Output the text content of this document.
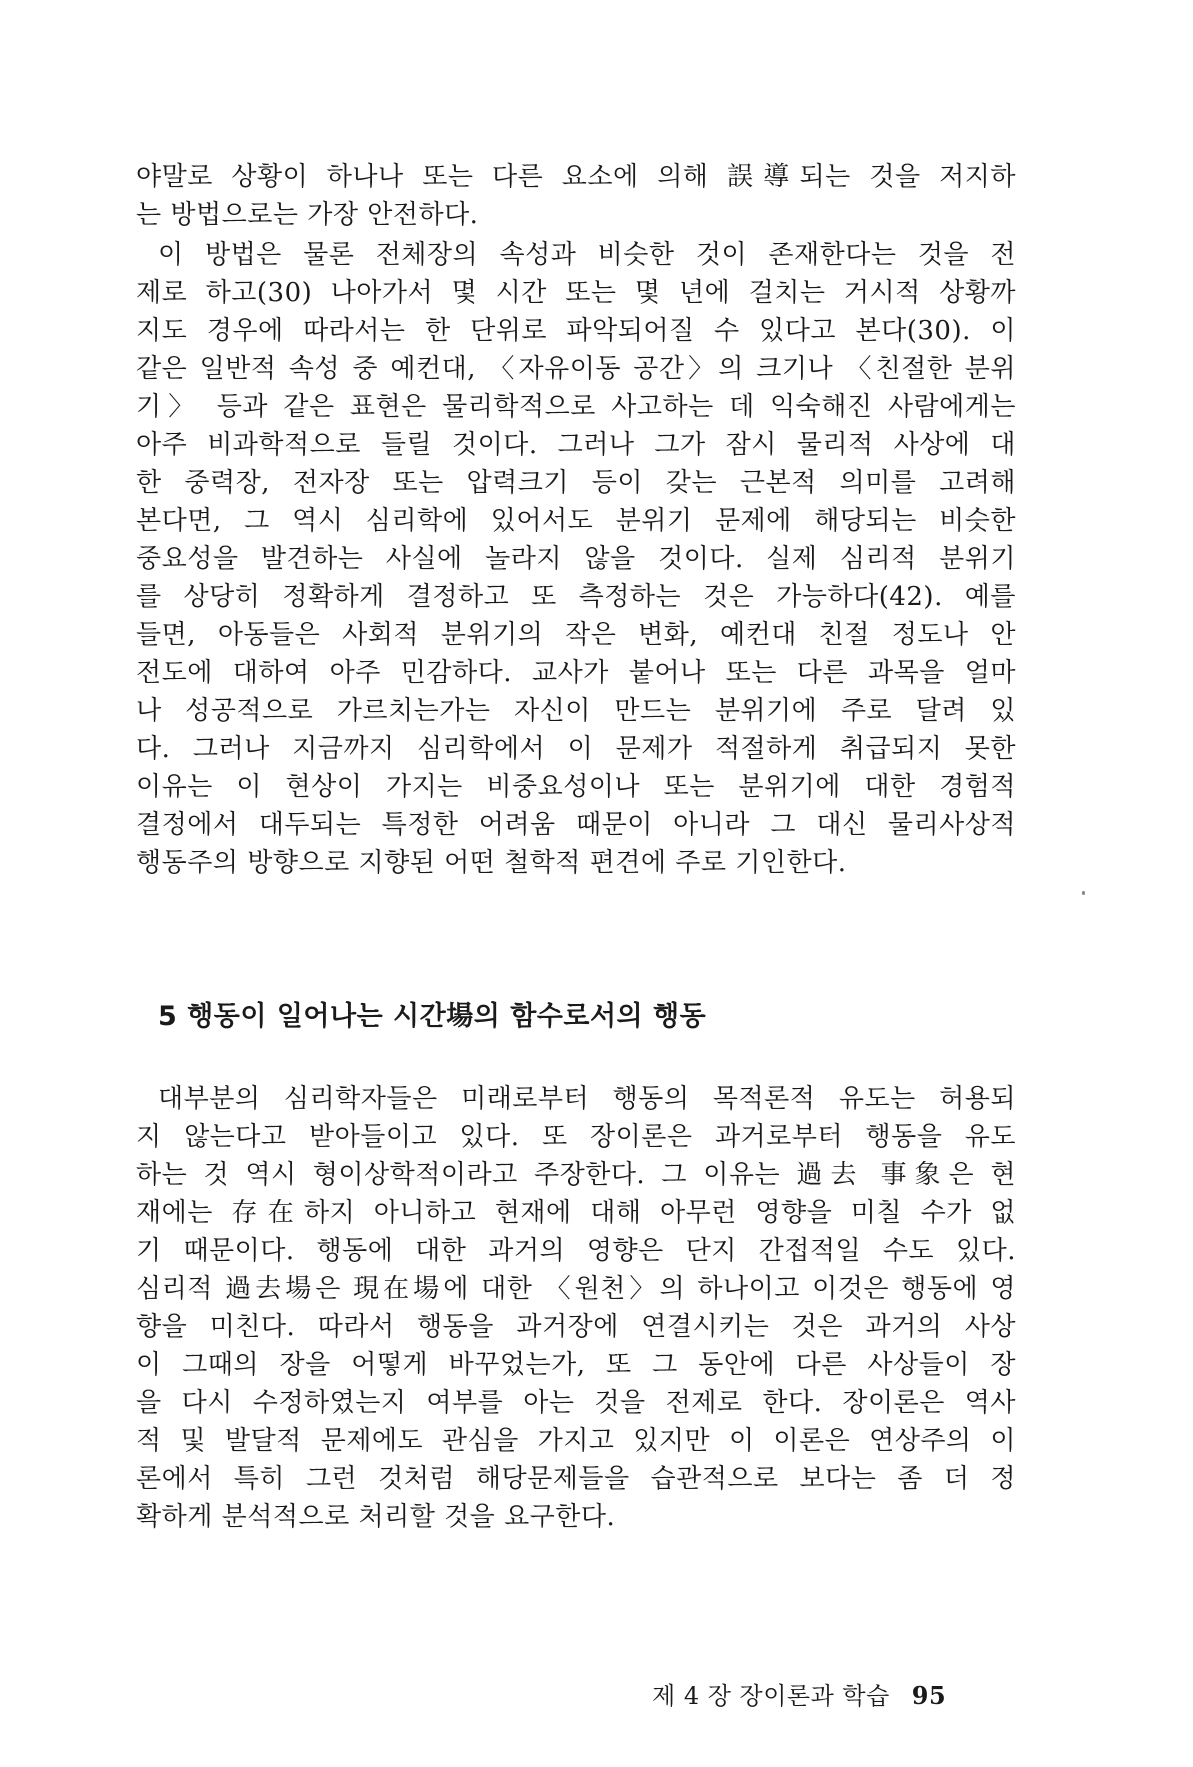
야말로 상황이 하나나 또는 다른 요소에 의해 誤導되는 것을 저지하
는 방법으로는 가장 안전하다.
이 방법은 물론 전체장의 속성과 비슷한 것이 존재한다는 것을 전
제로 하고(30) 나아가서 몇 시간 또는 몇 년에 걸치는 거시적 상황까
지도 경우에 따라서는 한 단위로 파악되어질 수 있다고 본다(30). 이
같은 일반적 속성 중 예컨대, 〈자유이동 공간〉의 크기나 〈친절한 분위
기〉 등과 같은 표현은 물리학적으로 사고하는 데 익숙해진 사람에게는
아주 비과학적으로 들릴 것이다. 그러나 그가 잠시 물리적 사상에 대
한 중력장, 전자장 또는 압력크기 등이 갖는 근본적 의미를 고려해
본다면, 그 역시 심리학에 있어서도 분위기 문제에 해당되는 비슷한
중요성을 발견하는 사실에 놀라지 않을 것이다. 실제 심리적 분위기
를 상당히 정확하게 결정하고 또 측정하는 것은 가능하다(42). 예를
들면, 아동들은 사회적 분위기의 작은 변화, 예컨대 친절 정도나 안
전도에 대하여 아주 민감하다. 교사가 붙어나 또는 다른 과목을 얼마
나 성공적으로 가르치는가는 자신이 만드는 분위기에 주로 달려 있
다. 그러나 지금까지 심리학에서 이 문제가 적절하게 취급되지 못한
이유는 이 현상이 가지는 비중요성이나 또는 분위기에 대한 경험적
결정에서 대두되는 특정한 어려움 때문이 아니라 그 대신 물리사상적
행동주의 방향으로 지향된 어떤 철학적 편견에 주로 기인한다.
5 행동이 일어나는 시간場의 함수로서의 행동
대부분의 심리학자들은 미래로부터 행동의 목적론적 유도는 허용되
지 않는다고 받아들이고 있다. 또 장이론은 과거로부터 행동을 유도
하는 것 역시 형이상학적이라고 주장한다. 그 이유는 過去 事象은 현
재에는 存在하지 아니하고 현재에 대해 아무런 영향을 미칠 수가 없
기 때문이다. 행동에 대한 과거의 영향은 단지 간접적일 수도 있다.
심리적 過去場은 現在場에 대한 〈원천〉의 하나이고 이것은 행동에 영
향을 미친다. 따라서 행동을 과거장에 연결시키는 것은 과거의 사상
이 그때의 장을 어떻게 바꾸었는가, 또 그 동안에 다른 사상들이 장
을 다시 수정하였는지 여부를 아는 것을 전제로 한다. 장이론은 역사
적 및 발달적 문제에도 관심을 가지고 있지만 이 이론은 연상주의 이
론에서 특히 그런 것처럼 해당문제들을 습관적으로 보다는 좀 더 정
확하게 분석적으로 처리할 것을 요구한다.
제 4 장 장이론과 학습 95
